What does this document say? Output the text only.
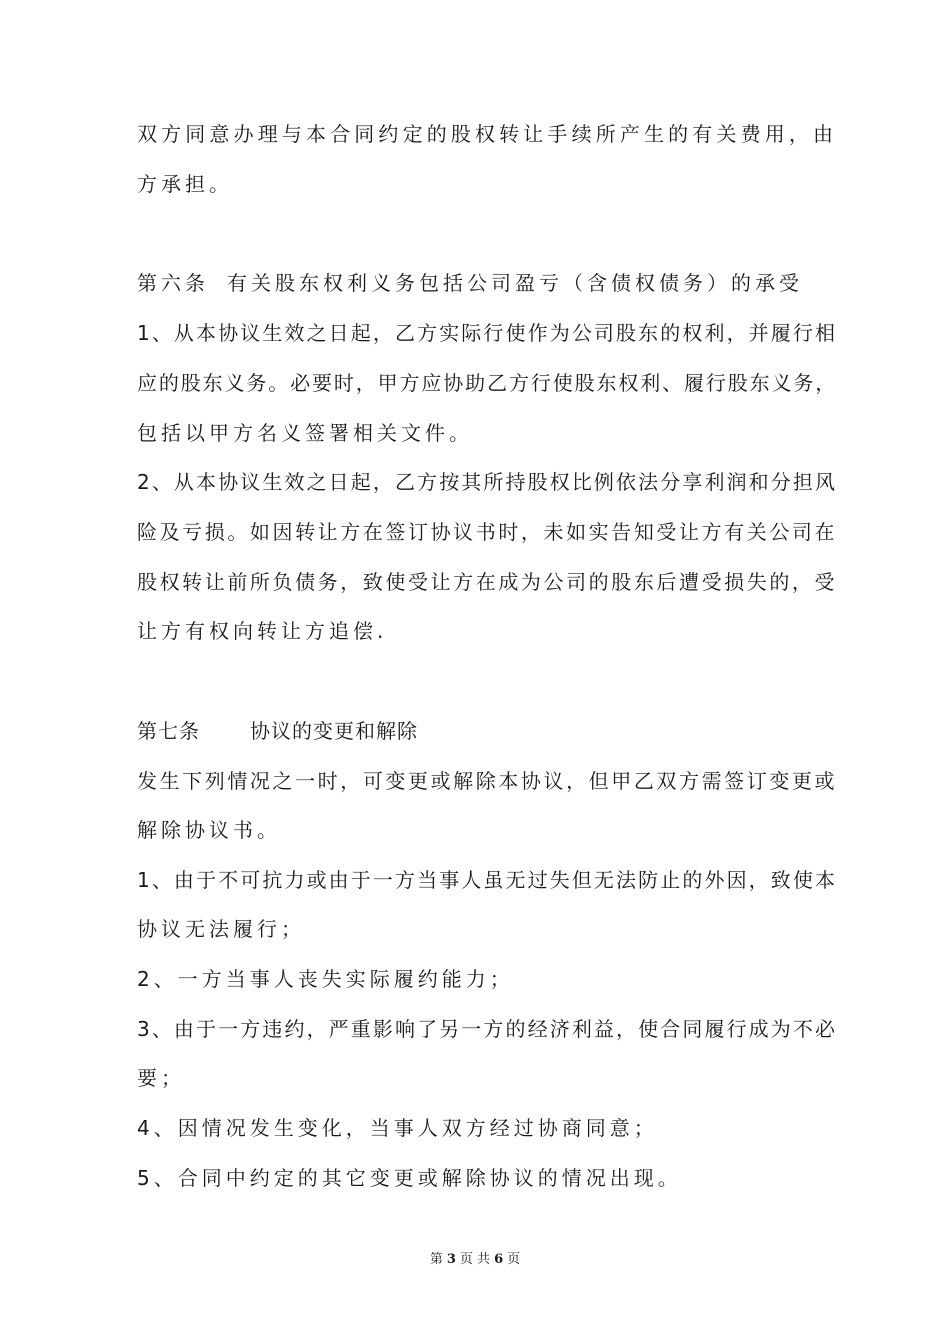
双方同意办理与本合同约定的股权转让手续所产生的有关费用，由
方承担。
第六条 有关股东权利义务包括公司盈亏（含债权债务）的承受
1、从本协议生效之日起，乙方实际行使作为公司股东的权利，并履行相
应的股东义务。必要时，甲方应协助乙方行使股东权利、履行股东义务，
包括以甲方名义签署相关文件。
2、从本协议生效之日起，乙方按其所持股权比例依法分享利润和分担风
险及亏损。如因转让方在签订协议书时，未如实告知受让方有关公司在
股权转让前所负债务，致使受让方在成为公司的股东后遭受损失的，受
让方有权向转让方追偿.
第七条	协议的变更和解除
发生下列情况之一时，可变更或解除本协议，但甲乙双方需签订变更或
解除协议书。
1、由于不可抗力或由于一方当事人虽无过失但无法防止的外因，致使本
协议无法履行；
2、一方当事人丧失实际履约能力；
3、由于一方违约，严重影响了另一方的经济利益，使合同履行成为不必
要；
4、因情况发生变化，当事人双方经过协商同意；
5、合同中约定的其它变更或解除协议的情况出现。
第 3 页 共 6 页
